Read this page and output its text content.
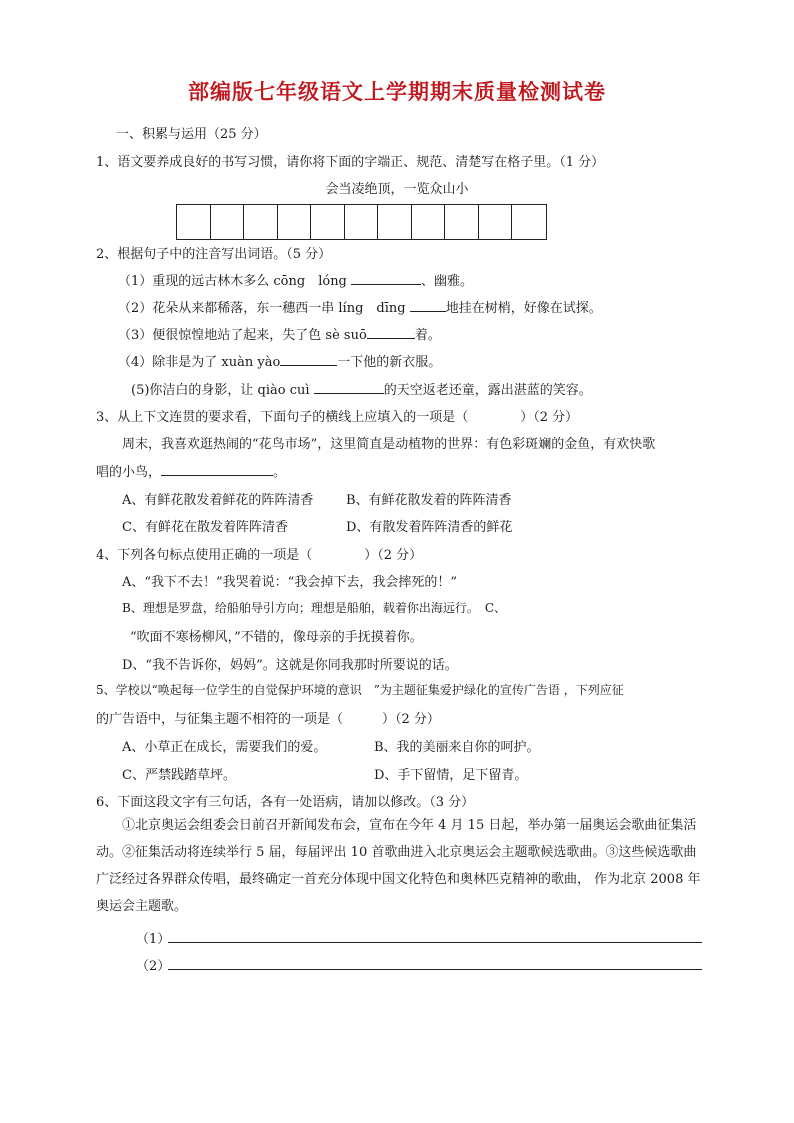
部编版七年级语文上学期期末质量检测试卷
一、积累与运用（25 分）
1、语文要养成良好的书写习惯，请你将下面的字端正、规范、清楚写在格子里。（1 分）
会当凌绝顶，一览众山小
2、根据句子中的注音写出词语。（5 分）
（1）重现的远古林木多么 cōng　lóng	、幽雅。
（2）花朵从来都稀落，东一穗西一串 líng　dīng	地挂在树梢，好像在试探。
（3）便很惊惶地站了起来，失了色 sè suō	着。
（4）除非是为了 xuàn yào	一下他的新衣服。
(5)你洁白的身影，让 qiào cuì	的天空返老还童，露出湛蓝的笑容。
3、从上下文连贯的要求看，下面句子的横线上应填入的一项是（　　　　）（2 分）
周末，我喜欢逛热闹的“花鸟市场”，这里简直是动植物的世界：有色彩斑斓的金鱼，有欢快歌
唱的小鸟，	。
A、有鲜花散发着鲜花的阵阵清香	B、有鲜花散发着的阵阵清香
C、有鲜花在散发着阵阵清香	D、有散发着阵阵清香的鲜花
4、下列各句标点使用正确的一项是（　　　　）（2 分）
A、“我下不去！”我哭着说：“我会掉下去，我会摔死的！”
B、理想是罗盘，给船舶导引方向；理想是船舶，载着你出海远行。　C、
“吹面不寒杨柳风，”不错的，像母亲的手抚摸着你。
D、“我不告诉你，妈妈”。这就是你同我那时所要说的话。
5、学校以“唤起每一位学生的自觉保护环境的意识　”为主题征集爱护绿化的宣传广告语 ，下列应征
的广告语中，与征集主题不相符的一项是（　　　）（2 分）
A、小草正在成长，需要我们的爱。	B、我的美丽来自你的呵护。
C、严禁践踏草坪。	D、手下留情，足下留青。
6、下面这段文字有三句话，各有一处语病，请加以修改。（3 分）
①北京奥运会组委会日前召开新闻发布会，宣布在今年 4 月 15 日起，举办第一届奥运会歌曲征集活动。②征集活动将连续举行 5 届，每届评出 10 首歌曲进入北京奥运会主题歌候选歌曲。③这些候选歌曲广泛经过各界群众传唱，最终确定一首充分体现中国文化特色和奥林匹克精神的歌曲， 作为北京 2008 年奥运会主题歌。
（1）
（2）
